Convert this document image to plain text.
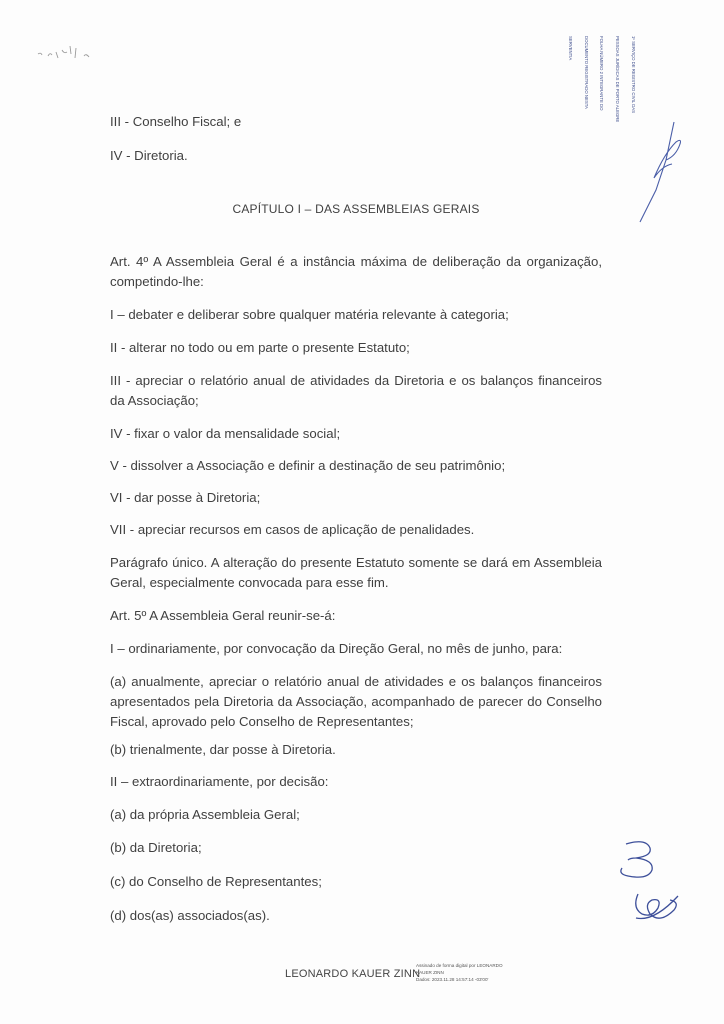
1º SERVIÇO DE REGISTRO CIVIL DAS

PESSOAS JURÍDICAS DE PORTO ALEGRE

FOLHA NÚMERO 2 INTEGRANTE DO

DOCUMENTO REGISTRADO NESTA

SERVENTIA

III - Conselho Fiscal; e

IV - Diretoria.

CAPÍTULO I – DAS ASSEMBLEIAS GERAIS

Art. 4º A Assembleia Geral é a instância máxima de deliberação da organização, competindo-lhe:

I – debater e deliberar sobre qualquer matéria relevante à categoria;

II - alterar no todo ou em parte o presente Estatuto;

III - apreciar o relatório anual de atividades da Diretoria e os balanços financeiros da Associação;

IV - fixar o valor da mensalidade social;

V - dissolver a Associação e definir a destinação de seu patrimônio;

VI - dar posse à Diretoria;

VII - apreciar recursos em casos de aplicação de penalidades.

Parágrafo único. A alteração do presente Estatuto somente se dará em Assembleia Geral, especialmente convocada para esse fim.

Art. 5º A Assembleia Geral reunir-se-á:

I – ordinariamente, por convocação da Direção Geral, no mês de junho, para:

(a) anualmente, apreciar o relatório anual de atividades e os balanços financeiros apresentados pela Diretoria da Associação, acompanhado de parecer do Conselho Fiscal, aprovado pelo Conselho de Representantes;

(b) trienalmente, dar posse à Diretoria.

II – extraordinariamente, por decisão:

(a) da própria Assembleia Geral;

(b) da Diretoria;

(c) do Conselho de Representantes;

(d) dos(as) associados(as).

LEONARDO KAUER ZINN
Assinado de forma digital por LEONARDO
KAUER ZINN
Dados: 2023.11.28 14:57:14 -03'00'
